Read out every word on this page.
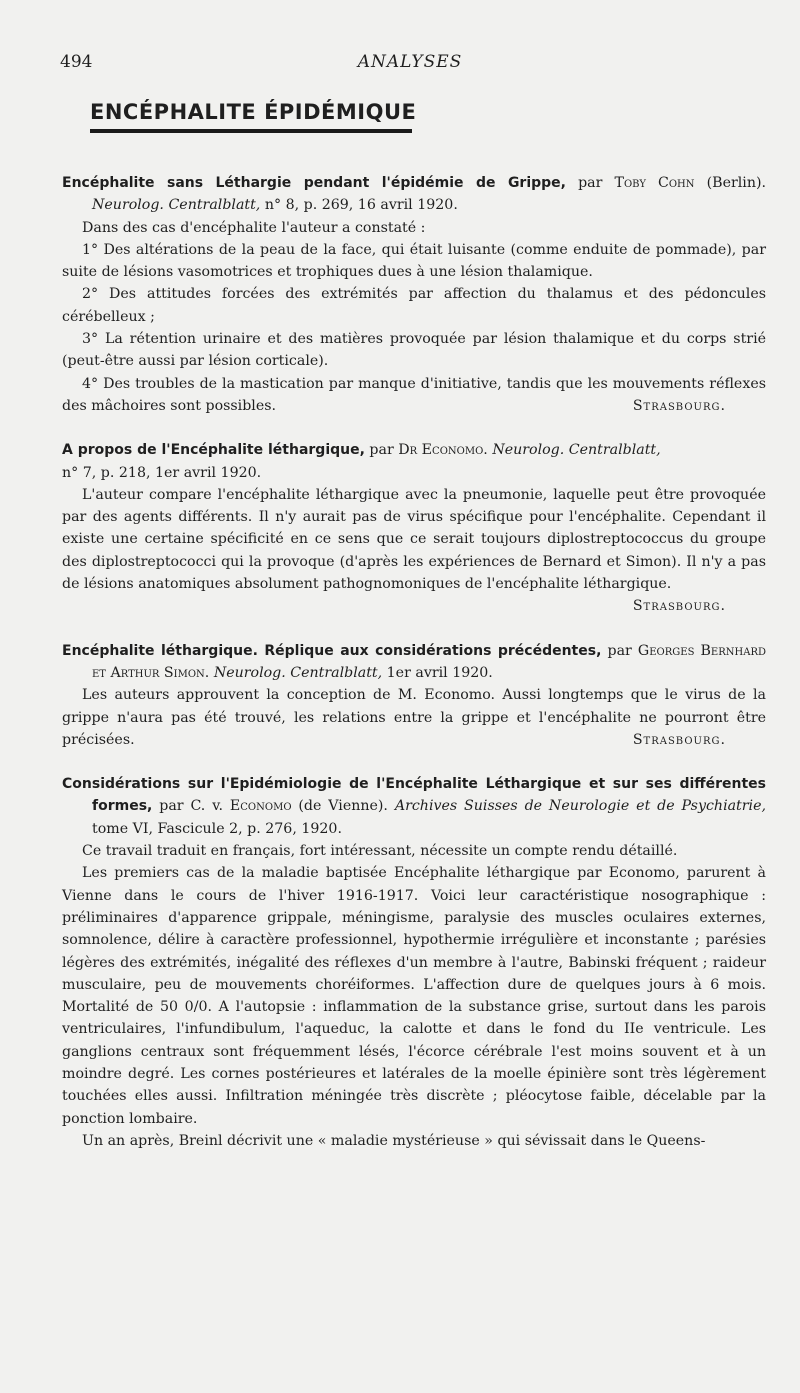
494	ANALYSES
ENCÉPHALITE ÉPIDÉMIQUE
Encéphalite sans Léthargie pendant l'épidémie de Grippe, par Toby Cohn (Berlin). Neurolog. Centralblatt, n° 8, p. 269, 16 avril 1920.

Dans des cas d'encéphalite l'auteur a constaté :

1° Des altérations de la peau de la face, qui était luisante (comme enduite de pommade), par suite de lésions vasomotrices et trophiques dues à une lésion thalamique.

2° Des attitudes forcées des extrémités par affection du thalamus et des pédoncules cérébelleux ;

3° La rétention urinaire et des matières provoquée par lésion thalamique et du corps strié (peut-être aussi par lésion corticale).

4° Des troubles de la mastication par manque d'initiative, tandis que les mouvements réflexes des mâchoires sont possibles.	Strasbourg.

A propos de l'Encéphalite léthargique, par Dr Economo. Neurolog. Centralblatt,
n° 7, p. 218, 1er avril 1920.

L'auteur compare l'encéphalite léthargique avec la pneumonie, laquelle peut être provoquée par des agents différents. Il n'y aurait pas de virus spécifique pour l'encéphalite. Cependant il existe une certaine spécificité en ce sens que ce serait toujours diplostreptococcus du groupe des diplostreptococci qui la provoque (d'après les expériences de Bernard et Simon). Il n'y a pas de lésions anatomiques absolument pathognomoniques de l'encéphalite léthargique.
Strasbourg.

Encéphalite léthargique. Réplique aux considérations précédentes, par Georges Bernhard et Arthur Simon. Neurolog. Centralblatt, 1er avril 1920.

Les auteurs approuvent la conception de M. Economo. Aussi longtemps que le virus de la grippe n'aura pas été trouvé, les relations entre la grippe et l'encéphalite ne pourront être précisées.	Strasbourg.

Considérations sur l'Epidémiologie de l'Encéphalite Léthargique et sur ses différentes formes, par C. v. Economo (de Vienne). Archives Suisses de Neurologie et de Psychiatrie, tome VI, Fascicule 2, p. 276, 1920.

Ce travail traduit en français, fort intéressant, nécessite un compte rendu détaillé.

Les premiers cas de la maladie baptisée Encéphalite léthargique par Economo, parurent à Vienne dans le cours de l'hiver 1916-1917. Voici leur caractéristique nosographique : préliminaires d'apparence grippale, méningisme, paralysie des muscles oculaires externes, somnolence, délire à caractère professionnel, hypothermie irrégulière et inconstante ; parésies légères des extrémités, inégalité des réflexes d'un membre à l'autre, Babinski fréquent ; raideur musculaire, peu de mouvements choréiformes. L'affection dure de quelques jours à 6 mois. Mortalité de 50 0/0. A l'autopsie : inflammation de la substance grise, surtout dans les parois ventriculaires, l'infundibulum, l'aqueduc, la calotte et dans le fond du IIe ventricule. Les ganglions centraux sont fréquemment lésés, l'écorce cérébrale l'est moins souvent et à un moindre degré. Les cornes postérieures et latérales de la moelle épinière sont très légèrement touchées elles aussi. Infiltration méningée très discrète ; pléocytose faible, décelable par la ponction lombaire.

Un an après, Breinl décrivit une « maladie mystérieuse » qui sévissait dans le Queens-
